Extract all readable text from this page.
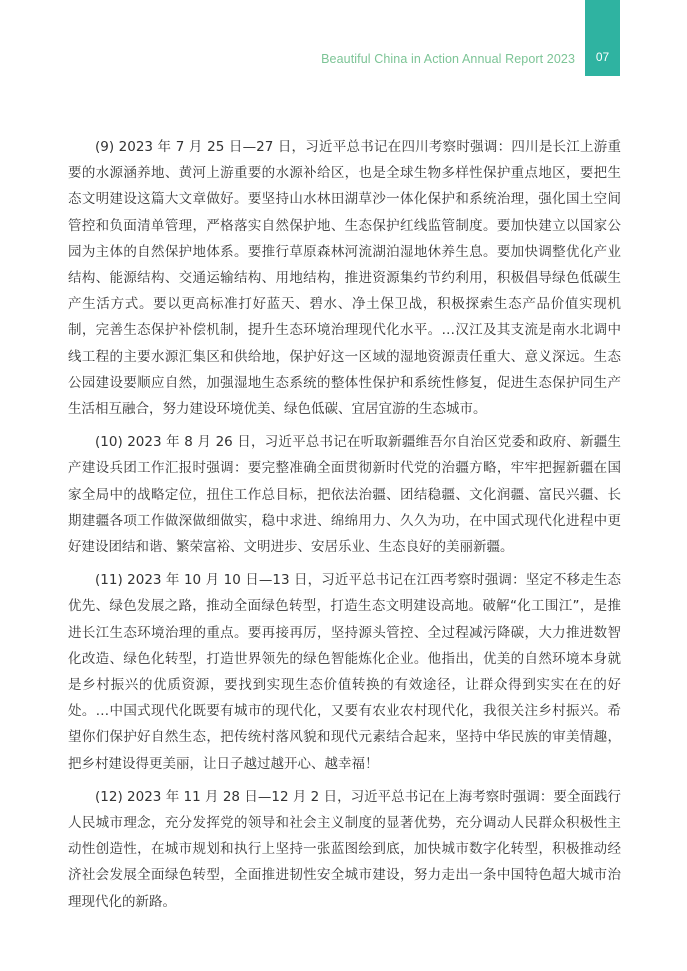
Beautiful China in Action Annual Report 2023	07

(9) 2023 年 7 月 25 日—27 日，习近平总书记在四川考察时强调：四川是长江上游重要的水源涵养地、黄河上游重要的水源补给区，也是全球生物多样性保护重点地区，要把生态文明建设这篇大文章做好。要坚持山水林田湖草沙一体化保护和系统治理，强化国土空间管控和负面清单管理，严格落实自然保护地、生态保护红线监管制度。要加快建立以国家公园为主体的自然保护地体系。要推行草原森林河流湖泊湿地休养生息。要加快调整优化产业结构、能源结构、交通运输结构、用地结构，推进资源集约节约利用，积极倡导绿色低碳生产生活方式。要以更高标准打好蓝天、碧水、净土保卫战，积极探索生态产品价值实现机制，完善生态保护补偿机制，提升生态环境治理现代化水平。…汉江及其支流是南水北调中线工程的主要水源汇集区和供给地，保护好这一区域的湿地资源责任重大、意义深远。生态公园建设要顺应自然，加强湿地生态系统的整体性保护和系统性修复，促进生态保护同生产生活相互融合，努力建设环境优美、绿色低碳、宜居宜游的生态城市。

(10) 2023 年 8 月 26 日，习近平总书记在听取新疆维吾尔自治区党委和政府、新疆生产建设兵团工作汇报时强调：要完整准确全面贯彻新时代党的治疆方略，牢牢把握新疆在国家全局中的战略定位，扭住工作总目标，把依法治疆、团结稳疆、文化润疆、富民兴疆、长期建疆各项工作做深做细做实，稳中求进、绵绵用力、久久为功，在中国式现代化进程中更好建设团结和谐、繁荣富裕、文明进步、安居乐业、生态良好的美丽新疆。

(11) 2023 年 10 月 10 日—13 日，习近平总书记在江西考察时强调：坚定不移走生态优先、绿色发展之路，推动全面绿色转型，打造生态文明建设高地。破解“化工围江”，是推进长江生态环境治理的重点。要再接再厉，坚持源头管控、全过程减污降碳，大力推进数智化改造、绿色化转型，打造世界领先的绿色智能炼化企业。他指出，优美的自然环境本身就是乡村振兴的优质资源，要找到实现生态价值转换的有效途径，让群众得到实实在在的好处。…中国式现代化既要有城市的现代化，又要有农业农村现代化，我很关注乡村振兴。希望你们保护好自然生态，把传统村落风貌和现代元素结合起来，坚持中华民族的审美情趣，把乡村建设得更美丽，让日子越过越开心、越幸福！

(12) 2023 年 11 月 28 日—12 月 2 日，习近平总书记在上海考察时强调：要全面践行人民城市理念，充分发挥党的领导和社会主义制度的显著优势，充分调动人民群众积极性主动性创造性，在城市规划和执行上坚持一张蓝图绘到底，加快城市数字化转型，积极推动经济社会发展全面绿色转型，全面推进韧性安全城市建设，努力走出一条中国特色超大城市治理现代化的新路。
